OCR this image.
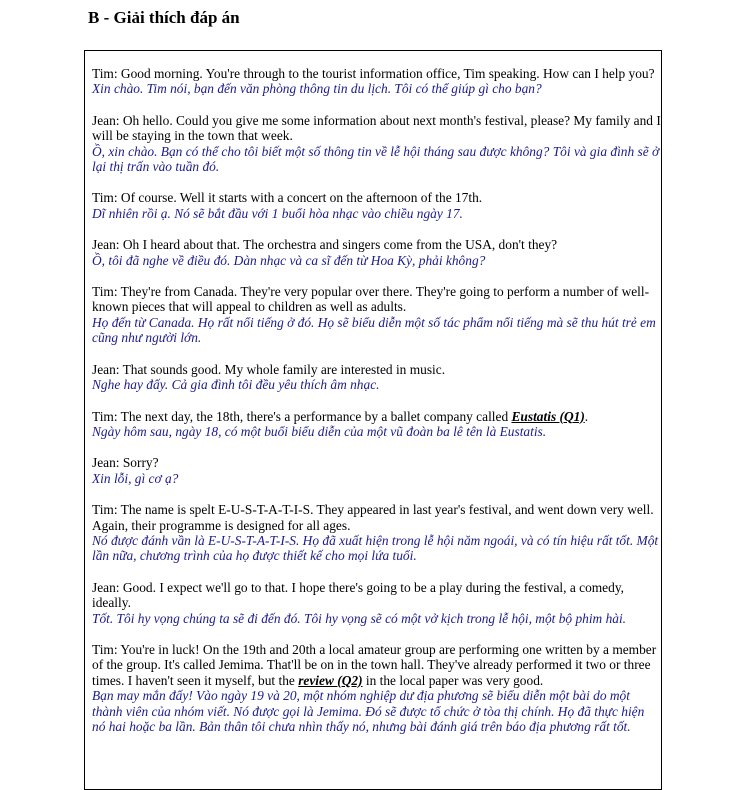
B - Giải thích đáp án

Tim: Good morning. You're through to the tourist information office, Tim speaking. How can I help you?

Xin chào. Tim nói, bạn đến văn phòng thông tin du lịch. Tôi có thể giúp gì cho bạn?

Jean: Oh hello. Could you give me some information about next month's festival, please? My family and I will be staying in the town that week.

Ồ, xin chào. Bạn có thể cho tôi biết một số thông tin về lễ hội tháng sau được không? Tôi và gia đình sẽ ở lại thị trấn vào tuần đó.

Tim: Of course. Well it starts with a concert on the afternoon of the 17th.

Dĩ nhiên rồi ạ. Nó sẽ bắt đầu với 1 buổi hòa nhạc vào chiều ngày 17.

Jean: Oh I heard about that. The orchestra and singers come from the USA, don't they?

Ồ, tôi đã nghe về điều đó. Dàn nhạc và ca sĩ đến từ Hoa Kỳ, phải không?

Tim: They're from Canada. They're very popular over there. They're going to perform a number of well-known pieces that will appeal to children as well as adults.

Họ đến từ Canada. Họ rất nổi tiếng ở đó. Họ sẽ biểu diễn một số tác phẩm nổi tiếng mà sẽ thu hút trẻ em cũng như người lớn.

Jean: That sounds good. My whole family are interested in music.

Nghe hay đấy. Cả gia đình tôi đều yêu thích âm nhạc.

Tim: The next day, the 18th, there's a performance by a ballet company called Eustatis (Q1).

Ngày hôm sau, ngày 18, có một buổi biểu diễn của một vũ đoàn ba lê tên là Eustatis.

Jean: Sorry?

Xin lỗi, gì cơ ạ?

Tim: The name is spelt E-U-S-T-A-T-I-S. They appeared in last year's festival, and went down very well. Again, their programme is designed for all ages.

Nó được đánh vần là E-U-S-T-A-T-I-S. Họ đã xuất hiện trong lễ hội năm ngoái, và có tín hiệu rất tốt. Một lần nữa, chương trình của họ được thiết kế cho mọi lứa tuổi.

Jean: Good. I expect we'll go to that. I hope there's going to be a play during the festival, a comedy, ideally.

Tốt. Tôi hy vọng chúng ta sẽ đi đến đó. Tôi hy vọng sẽ có một vở kịch trong lễ hội, một bộ phim hài.

Tim: You're in luck! On the 19th and 20th a local amateur group are performing one written by a member of the group. It's called Jemima. That'll be on in the town hall. They've already performed it two or three times. I haven't seen it myself, but the review (Q2) in the local paper was very good.

Bạn may mắn đấy! Vào ngày 19 và 20, một nhóm nghiệp dư địa phương sẽ biểu diễn một bài do một thành viên của nhóm viết. Nó được gọi là Jemima. Đó sẽ được tổ chức ở tòa thị chính. Họ đã thực hiện nó hai hoặc ba lần. Bản thân tôi chưa nhìn thấy nó, nhưng bài đánh giá trên báo địa phương rất tốt.
